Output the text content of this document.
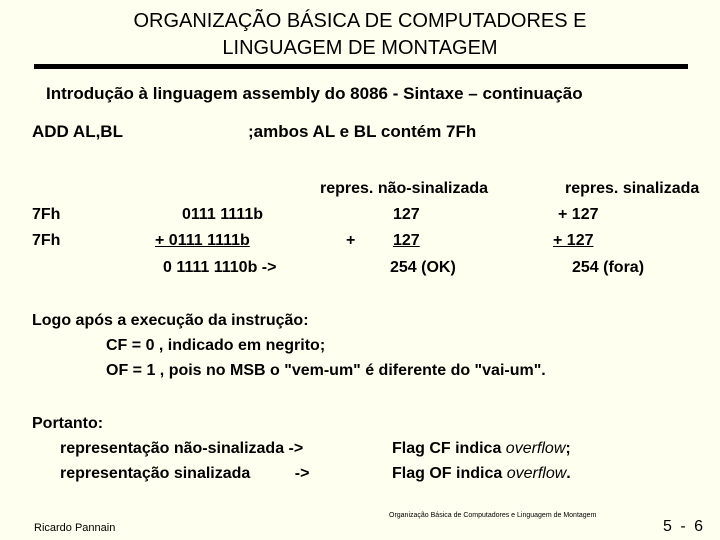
ORGANIZAÇÃO BÁSICA DE COMPUTADORES E
LINGUAGEM DE MONTAGEM
Introdução à linguagem assembly do 8086 - Sintaxe – continuação
ADD AL,BL	;ambos AL e BL contém 7Fh
repres. não-sinalizada	repres. sinalizada
7Fh	0111 1111b	127	+ 127
7Fh	+ 0111 1111b	+ 127	+ 127
0 1111 1110b ->	254 (OK)	254 (fora)
Logo após a execução da instrução:
CF = 0 , indicado em negrito;
OF = 1 , pois no MSB o "vem-um" é diferente do "vai-um".
Portanto:
representação não-sinalizada ->	Flag CF indica overflow;
representação sinalizada          ->	Flag OF indica overflow.
Organização Básica de Computadores e Linguagem de Montagem
Ricardo Pannain	5 - 6
